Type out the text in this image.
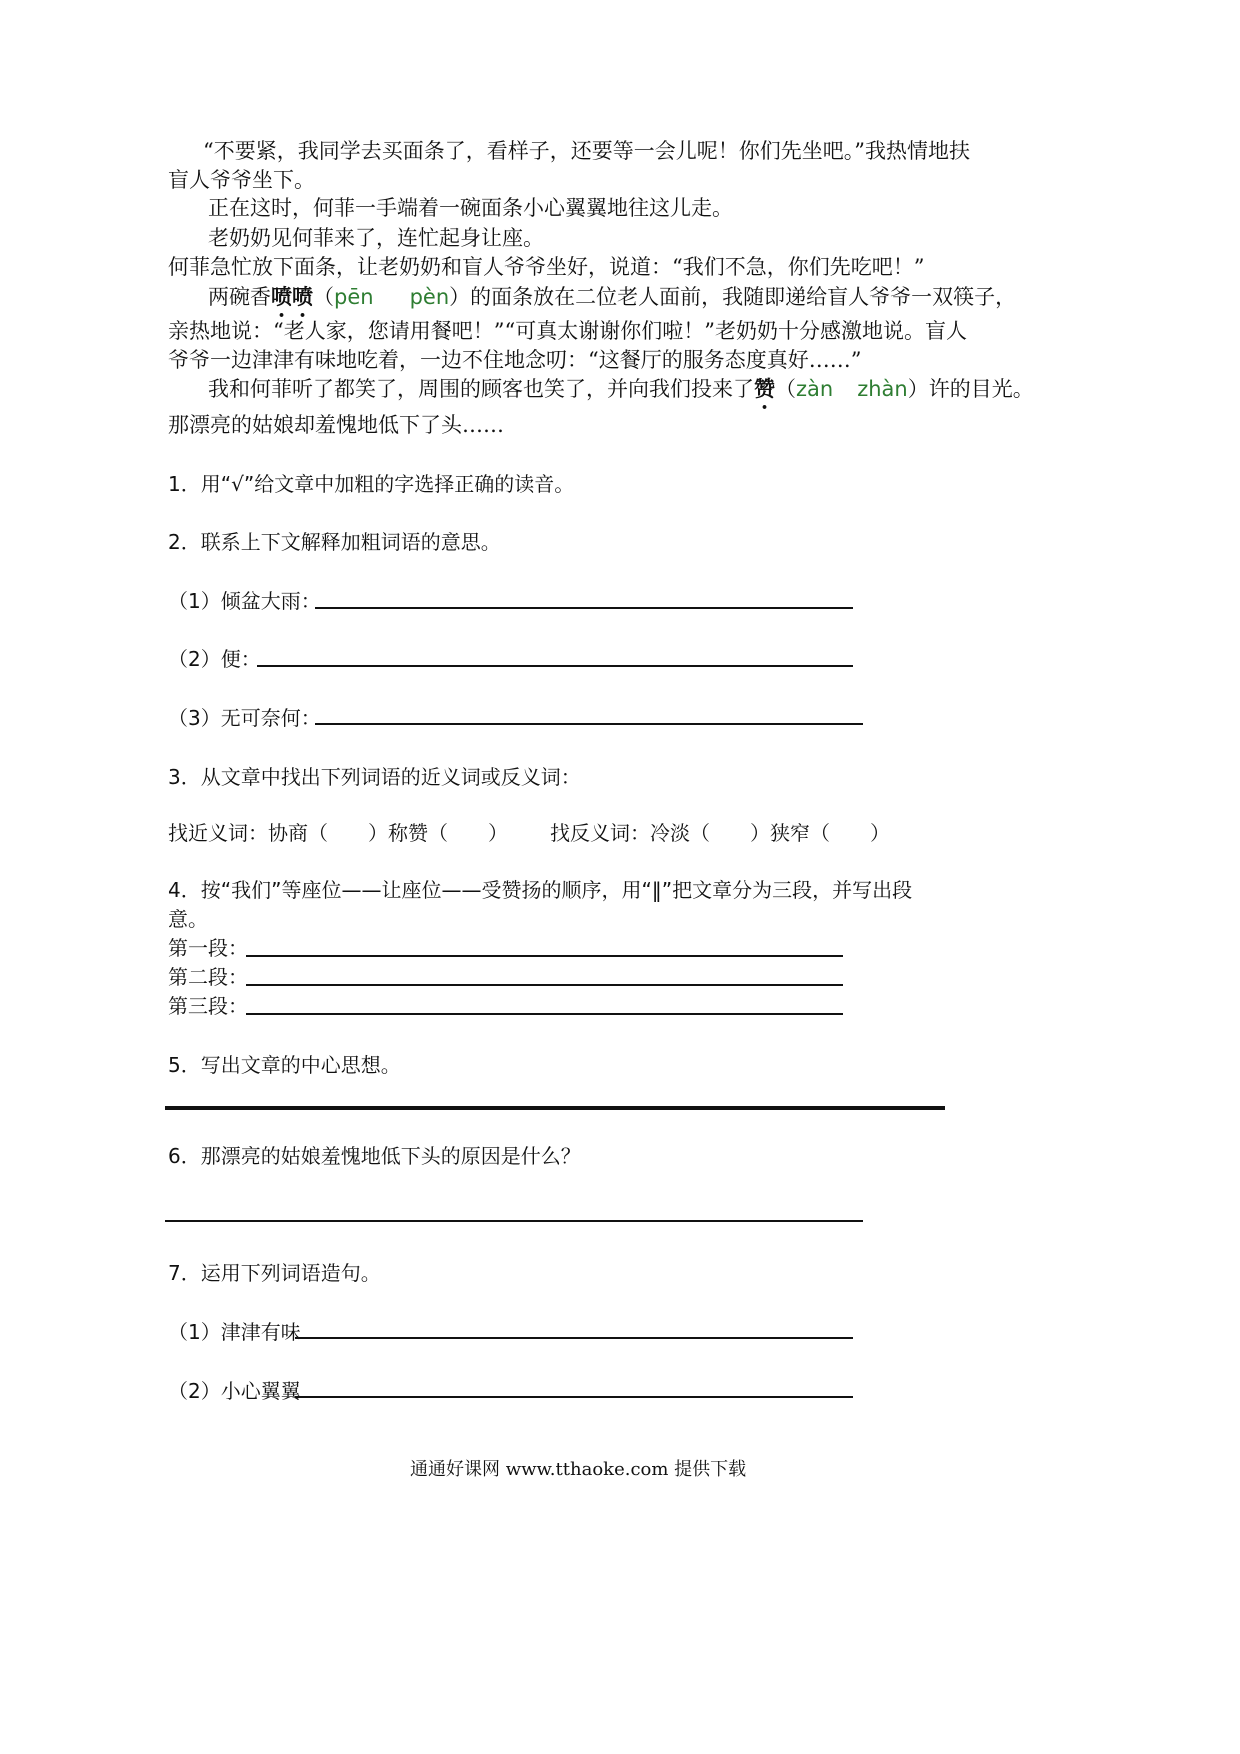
“不要紧，我同学去买面条了，看样子，还要等一会儿呢！你们先坐吧。”我热情地扶
盲人爷爷坐下。
正在这时，何菲一手端着一碗面条小心翼翼地往这儿走。
老奶奶见何菲来了，连忙起身让座。
何菲急忙放下面条，让老奶奶和盲人爷爷坐好，说道：“我们不急，你们先吃吧！”
两碗香喷喷（pēn pèn）的面条放在二位老人面前，我随即递给盲人爷爷一双筷子，
亲热地说：“老人家，您请用餐吧！”“可真太谢谢你们啦！”老奶奶十分感激地说。盲人
爷爷一边津津有味地吃着，一边不住地念叨：“这餐厅的服务态度真好……”
我和何菲听了都笑了，周围的顾客也笑了，并向我们投来了赞（zàn zhàn）许的目光。
那漂亮的姑娘却羞愧地低下了头……
1．用“√”给文章中加粗的字选择正确的读音。
2．联系上下文解释加粗词语的意思。
（1）倾盆大雨：
（2）便：
（3）无可奈何：
3．从文章中找出下列词语的近义词或反义词：
找近义词：协商（　　）称赞（　　） 找反义词：冷淡（　　）狭窄（　　）
4．按“我们”等座位——让座位——受赞扬的顺序，用“‖”把文章分为三段，并写出段
意。
第一段：
第二段：
第三段：
5．写出文章的中心思想。
6．那漂亮的姑娘羞愧地低下头的原因是什么？
7．运用下列词语造句。
（1）津津有味
（2）小心翼翼
通通好课网 www.tthaoke.com 提供下载
